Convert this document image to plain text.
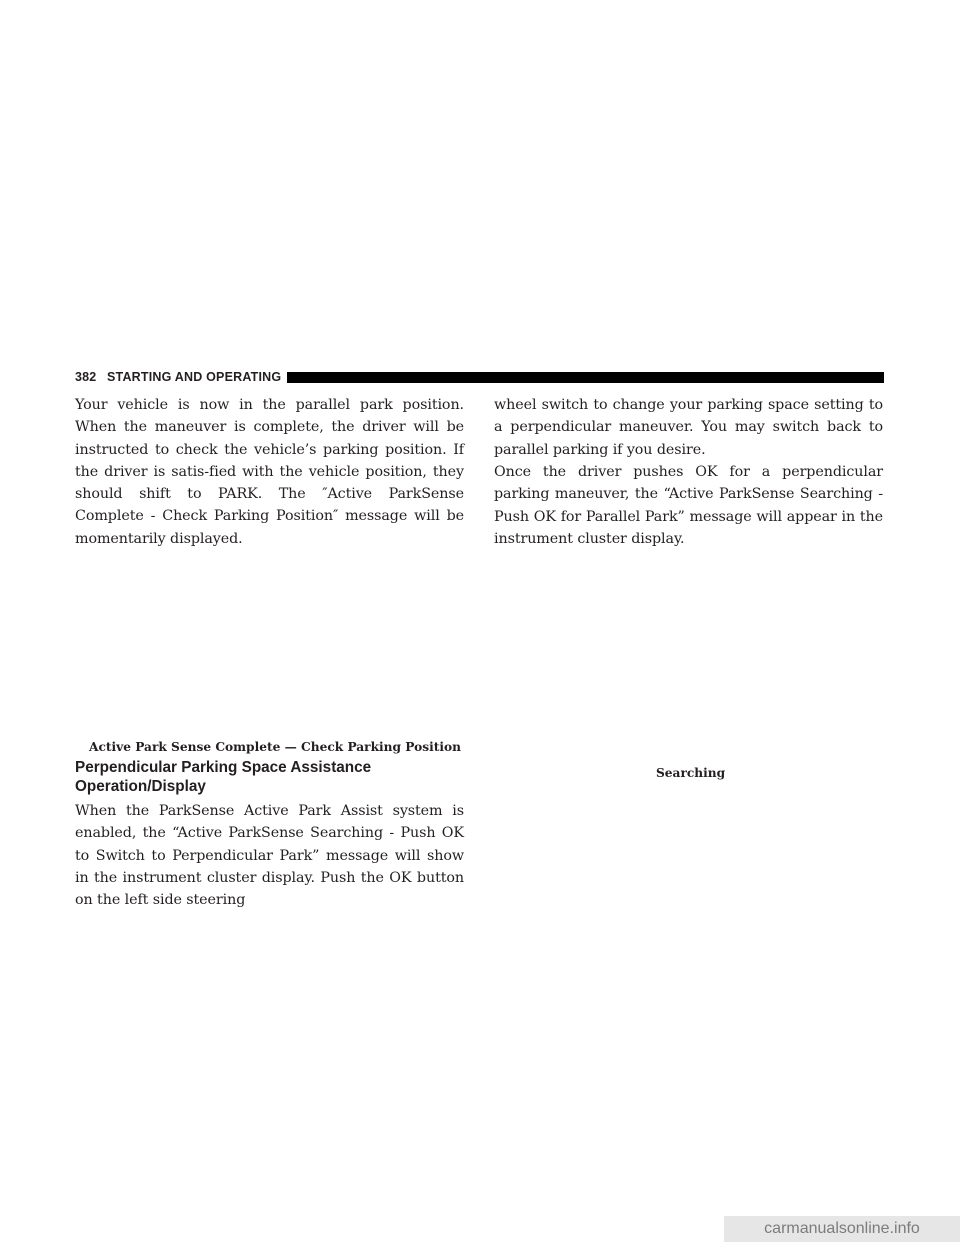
382 STARTING AND OPERATING

Your vehicle is now in the parallel park position. When the maneuver is complete, the driver will be instructed to check the vehicle’s parking position. If the driver is satis-fied with the vehicle position, they should shift to PARK. The ″Active ParkSense Complete - Check Parking Position″ message will be momentarily displayed.

Active Park Sense Complete — Check Parking Position
Perpendicular Parking Space Assistance Operation/Display

When the ParkSense Active Park Assist system is enabled, the “Active ParkSense Searching - Push OK to Switch to Perpendicular Park” message will show in the instrument cluster display. Push the OK button on the left side steering

wheel switch to change your parking space setting to a perpendicular maneuver. You may switch back to parallel parking if you desire.

Once the driver pushes OK for a perpendicular parking maneuver, the “Active ParkSense Searching - Push OK for Parallel Park” message will appear in the instrument cluster display.

Searching
carmanualsonline.info
